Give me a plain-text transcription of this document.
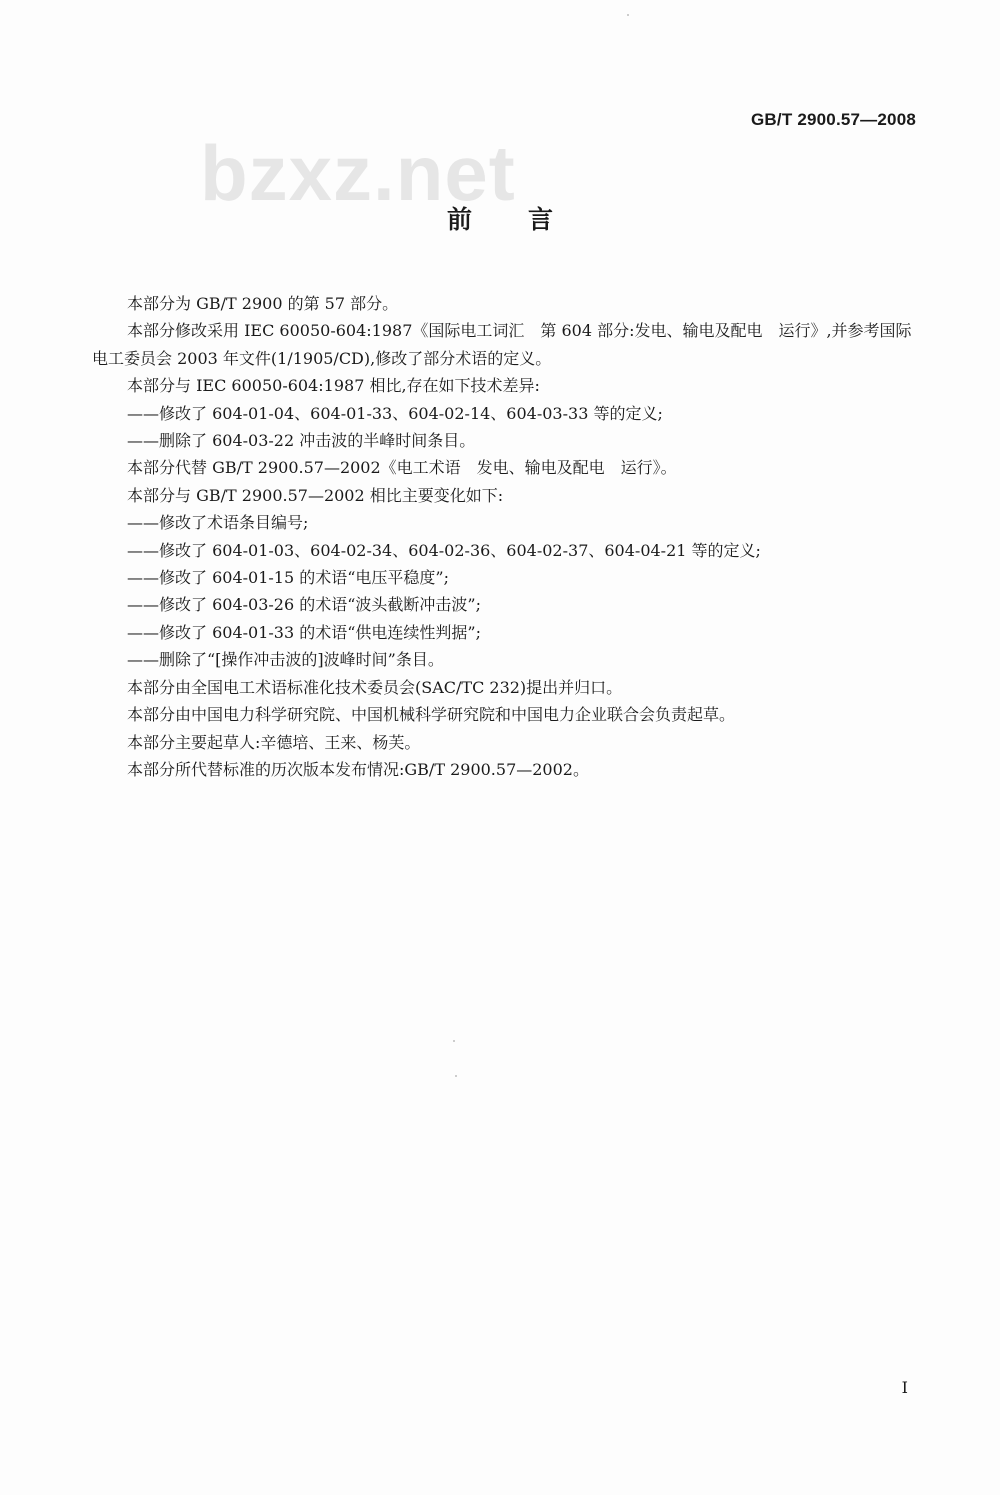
bzxz.net
GB/T 2900.57—2008
前言

本部分为 GB/T 2900 的第 57 部分。

本部分修改采用 IEC 60050-604:1987《国际电工词汇　第 604 部分:发电、输电及配电　运行》,并参考国际电工委员会 2003 年文件(1/1905/CD),修改了部分术语的定义。

本部分与 IEC 60050-604:1987 相比,存在如下技术差异:

——修改了 604-01-04、604-01-33、604-02-14、604-03-33 等的定义;

——删除了 604-03-22 冲击波的半峰时间条目。

本部分代替 GB/T 2900.57—2002《电工术语　发电、输电及配电　运行》。

本部分与 GB/T 2900.57—2002 相比主要变化如下:

——修改了术语条目编号;

——修改了 604-01-03、604-02-34、604-02-36、604-02-37、604-04-21 等的定义;

——修改了 604-01-15 的术语“电压平稳度”;

——修改了 604-03-26 的术语“波头截断冲击波”;

——修改了 604-01-33 的术语“供电连续性判据”;

——删除了“[操作冲击波的]波峰时间”条目。

本部分由全国电工术语标准化技术委员会(SAC/TC 232)提出并归口。

本部分由中国电力科学研究院、中国机械科学研究院和中国电力企业联合会负责起草。

本部分主要起草人:辛德培、王来、杨芙。

本部分所代替标准的历次版本发布情况:GB/T 2900.57—2002。

I
